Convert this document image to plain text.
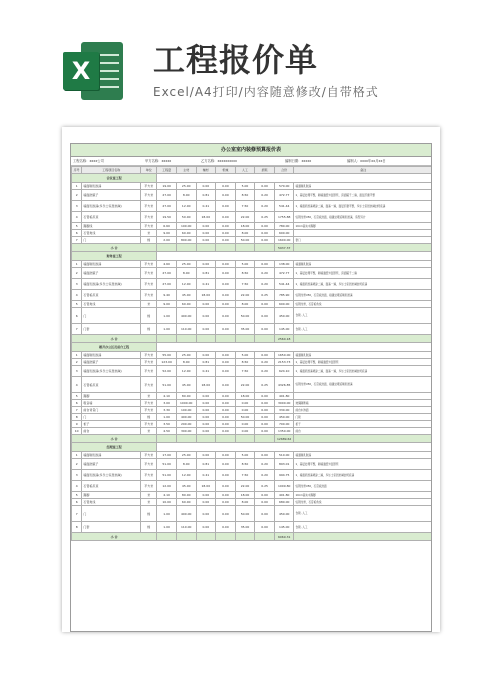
X 工程报价单
Excel/A4打印/内容随意修改/自带格式
办公室室内装修预算报价表
工程名称：xxxx公司	甲方名称：xxxxx	乙方名称：xxxxxxxxxx	编制日期：xxxxx	编制人：xxxx年xx月xx日
序号	工程项目名称	单位	工程量	主材	辅材	机械	人工	损耗	合价	备注
会议室工程										
1	墙面刷乳胶漆	平方米	19.00	25.00	0.00	0.00	5.00	0.00	570.00	墙面刷乳胶漆
2	墙面批腻子	平方米	27.00	8.00	0.81	0.00	8.50	0.20	472.77	1、基层处理平整，刷墙面经外层原浆，顶面腻子二遍，面层打磨平整
3	墙面乳胶漆(多乐士家居抗碱)	平方米	27.00	12.00	0.41	0.00	7.50	0.20	541.44	1、墙面乳胶漆喷涂二遍，面漆一遍，面层打磨平整，多乐士家居抗碱封闭底漆
4	石膏板吊顶	平方米	19.50	50.00	18.00	0.00	22.00	0.25	1755.88	轻钢龙骨U50，石膏板封面，接缝处理后刷乳胶漆，造型另计
5	踢脚线	平方米	6.60	100.00	0.00	0.00	18.00	0.00	780.00	10cm高实木踢脚
6	石膏角线	米	9.00	60.00	0.00	0.00	8.00	0.00	600.00	
7	门	樘	2.00	800.00	0.00	0.00	50.00	0.00	1600.00	套门
小 计									5937.37	
财务室工程										
1	墙面刷乳胶漆	平方米	4.60	25.00	0.00	0.00	5.00	0.00	138.00	墙面刷乳胶漆
2	墙面批腻子	平方米	27.00	8.00	0.81	0.00	8.50	0.20	472.77	1、基层处理平整，刷墙面经外层原浆，顶面腻子二遍
3	墙面乳胶漆(多乐士家居抗碱)	平方米	27.00	12.00	0.41	0.00	7.50	0.20	541.44	1、墙面乳胶漆喷涂二遍，面漆一遍，多乐士家居抗碱封闭底漆
4	石膏板吊顶	平方米	9.40	45.00	18.00	0.00	22.00	0.25	785.90	轻钢龙骨U50，石膏板封面，接缝处理后刷乳胶漆
5	石膏角线	米	9.00	60.00	0.00	0.00	8.00	0.00	600.00	轻钢龙骨，石膏板角线
6	门	樘	1.00	400.00	0.00	0.00	50.00	0.00	450.00	含锁 ,人工
7	门套	樘	1.00	110.00	0.00	0.00	35.00	0.00	145.00	含锁 ,人工
小 计									2560.18	
敞开办公区及前台工程										
1	墙面刷乳胶漆	平方米	55.00	25.00	0.00	0.00	5.00	0.00	1650.00	墙面刷乳胶漆
2	墙面批腻子	平方米	123.00	8.00	0.81	0.00	8.50	0.20	2153.73	1、基层处理平整，刷墙面经外层原浆
3	墙面乳胶漆(多乐士家居抗碱)	平方米	52.00	12.00	0.41	0.00	7.50	0.20	624.10	1、墙面乳胶漆喷涂二遍，面漆一遍，多乐士家居抗碱封闭底漆
4	石膏板吊顶	平方米	51.00	45.00	18.00	0.00	22.00	0.25	4326.85	轻钢龙骨U50，石膏板封面，接缝处理后刷乳胶漆
5	踢脚	米	4.10	80.00	0.00	0.00	18.00	0.00	401.80	
6	吸音墙	平方米	3.00	1000.00	0.00	0.00	0.00	0.00	3000.00	玻璃隔断墙
7	前台背景门	平方米	3.30	100.00	0.00	0.00	0.00	0.00	330.00	前台木饰面
8	门	樘	1.00	400.00	0.00	0.00	50.00	0.00	450.00	门锁
9	柜子	平方米	3.50	200.00	0.00	0.00	0.00	0.00	700.00	柜子
10	前台	米	4.50	300.00	0.00	0.00	0.00	0.00	1350.00	前台
小 计									12689.62	
经理室工程										
1	墙面刷乳胶漆	平方米	17.00	25.00	0.00	0.00	5.00	0.00	510.00	墙面刷乳胶漆
2	墙面批腻子	平方米	51.00	8.00	0.81	0.00	8.50	0.20	893.01	1、基层处理平整，刷墙面经外层原浆
3	墙面乳胶漆(多乐士家居抗碱)	平方米	51.00	12.00	0.41	0.00	7.50	0.20	994.75	1、墙面乳胶漆喷涂二遍，多乐士家居抗碱封闭底漆
4	石膏板吊顶	平方米	12.00	45.00	18.00	0.00	22.00	0.25	1009.80	轻钢龙骨U50，石膏板封面
5	踢脚	米	4.10	80.00	0.00	0.00	18.00	0.00	401.80	10cm高实木踢脚
6	石膏角线	米	10.00	60.00	0.00	0.00	8.00	0.00	680.00	轻钢龙骨，石膏板角线
7	门	樘	1.00	400.00	0.00	0.00	50.00	0.00	450.00	含锁 ,人工
8	门套	樘	1.00	110.00	0.00	0.00	35.00	0.00	145.00	含锁 ,人工
小 计									6069.31	
